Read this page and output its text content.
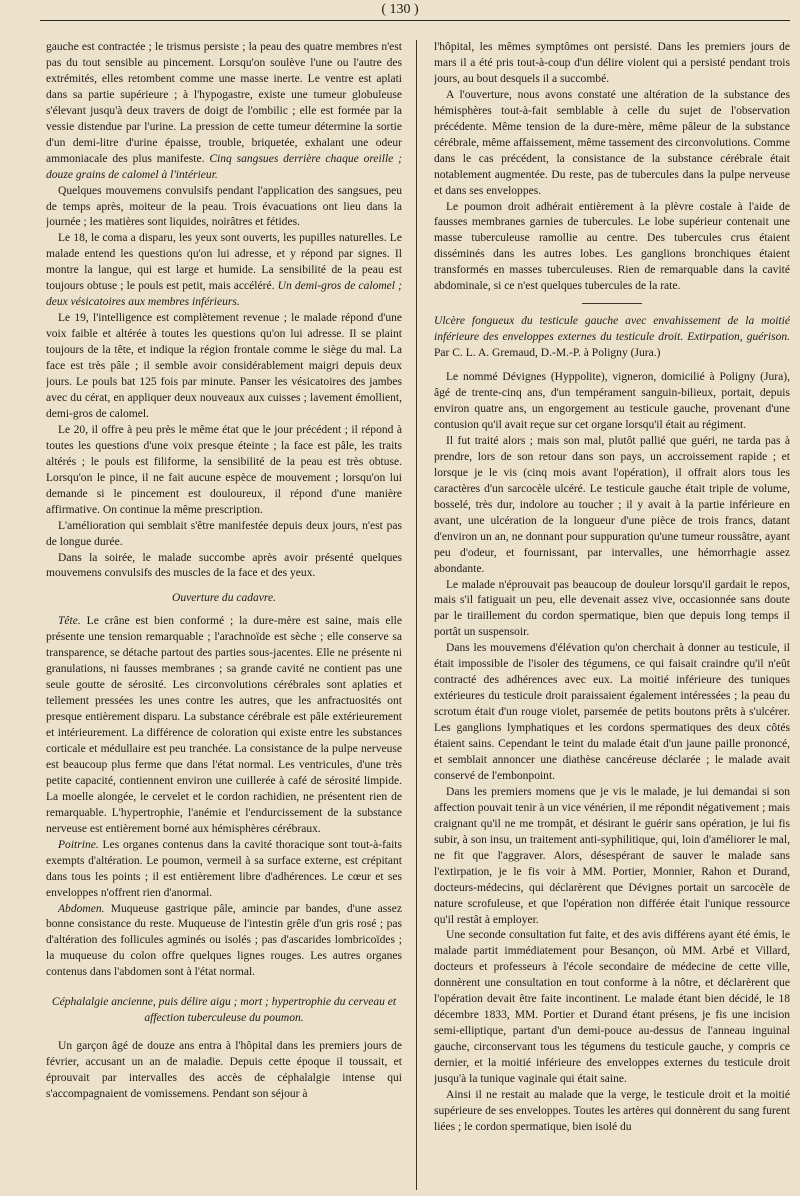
( 130 )

gauche est contractée ; le trismus persiste ; la peau des quatre membres n'est pas du tout sensible au pincement. Lorsqu'on soulève l'une ou l'autre des extrémités, elles retombent comme une masse inerte. Le ventre est aplati dans sa partie supérieure ; à l'hypogastre, existe une tumeur globuleuse s'élevant jusqu'à deux travers de doigt de l'ombilic ; elle est formée par la vessie distendue par l'urine. La pression de cette tumeur détermine la sortie d'un demi-litre d'urine épaisse, trouble, briquetée, exhalant une odeur ammoniacale des plus manifeste. Cinq sangsues derrière chaque oreille ; douze grains de calomel à l'intérieur.

Quelques mouvemens convulsifs pendant l'application des sangsues, peu de temps après, moiteur de la peau. Trois évacuations ont lieu dans la journée ; les matières sont liquides, noirâtres et fétides.

Le 18, le coma a disparu, les yeux sont ouverts, les pupilles naturelles. Le malade entend les questions qu'on lui adresse, et y répond par signes. Il montre la langue, qui est large et humide. La sensibilité de la peau est toujours obtuse ; le pouls est petit, mais accéléré. Un demi-gros de calomel ; deux vésicatoires aux membres inférieurs.

Le 19, l'intelligence est complètement revenue ; le malade répond d'une voix faible et altérée à toutes les questions qu'on lui adresse. Il se plaint toujours de la tête, et indique la région frontale comme le siège du mal. La face est très pâle ; il semble avoir considérablement maigri depuis deux jours. Le pouls bat 125 fois par minute. Panser les vésicatoires des jambes avec du cérat, en appliquer deux nouveaux aux cuisses ; lavement émollient, demi-gros de calomel.

Le 20, il offre à peu près le même état que le jour précédent ; il répond à toutes les questions d'une voix presque éteinte ; la face est pâle, les traits altérés ; le pouls est filiforme, la sensibilité de la peau est très obtuse. Lorsqu'on le pince, il ne fait aucune espèce de mouvement ; lorsqu'on lui demande si le pincement est douloureux, il répond d'une manière affirmative. On continue la même prescription.

L'amélioration qui semblait s'être manifestée depuis deux jours, n'est pas de longue durée.

Dans la soirée, le malade succombe après avoir présenté quelques mouvemens convulsifs des muscles de la face et des yeux.

Ouverture du cadavre.

Tête. Le crâne est bien conformé ; la dure-mère est saine, mais elle présente une tension remarquable ; l'arachnoïde est sèche ; elle conserve sa transparence, se détache partout des parties sous-jacentes. Elle ne présente ni granulations, ni fausses membranes ; sa grande cavité ne contient pas une seule goutte de sérosité. Les circonvolutions cérébrales sont aplaties et tellement pressées les unes contre les autres, que les anfractuosités ont presque entièrement disparu. La substance cérébrale est pâle extérieurement et intérieurement. La différence de coloration qui existe entre les substances corticale et médullaire est peu tranchée. La consistance de la pulpe nerveuse est beaucoup plus ferme que dans l'état normal. Les ventricules, d'une très petite capacité, contiennent environ une cuillerée à café de sérosité limpide. La moelle alongée, le cervelet et le cordon rachidien, ne présentent rien de remarquable. L'hypertrophie, l'anémie et l'endurcissement de la substance nerveuse est entièrement borné aux hémisphères cérébraux.

Poitrine. Les organes contenus dans la cavité thoracique sont tout-à-faits exempts d'altération. Le poumon, vermeil à sa surface externe, est crépitant dans tous les points ; il est entièrement libre d'adhérences. Le cœur et ses enveloppes n'offrent rien d'anormal.

Abdomen. Muqueuse gastrique pâle, amincie par bandes, d'une assez bonne consistance du reste. Muqueuse de l'intestin grêle d'un gris rosé ; pas d'altération des follicules agminés ou isolés ; pas d'ascarides lombricoïdes ; la muqueuse du colon offre quelques lignes rouges. Les autres organes contenus dans l'abdomen sont à l'état normal.

Céphalalgie ancienne, puis délire aigu ; mort ; hypertrophie du cerveau et affection tuberculeuse du poumon.

Un garçon âgé de douze ans entra à l'hôpital dans les premiers jours de février, accusant un an de maladie. Depuis cette époque il toussait, et éprouvait par intervalles des accès de céphalalgie intense qui s'accompagnaient de vomissemens. Pendant son séjour à

l'hôpital, les mêmes symptômes ont persisté. Dans les premiers jours de mars il a été pris tout-à-coup d'un délire violent qui a persisté pendant trois jours, au bout desquels il a succombé.

A l'ouverture, nous avons constaté une altération de la substance des hémisphères tout-à-fait semblable à celle du sujet de l'observation précédente. Même tension de la dure-mère, même pâleur de la substance cérébrale, même affaissement, même tassement des circonvolutions. Comme dans le cas précédent, la consistance de la substance cérébrale était notablement augmentée. Du reste, pas de tubercules dans la pulpe nerveuse et dans ses enveloppes.

Le poumon droit adhérait entièrement à la plèvre costale à l'aide de fausses membranes garnies de tubercules. Le lobe supérieur contenait une masse tuberculeuse ramollie au centre. Des tubercules crus étaient disséminés dans les autres lobes. Les ganglions bronchiques étaient transformés en masses tuberculeuses. Rien de remarquable dans la cavité abdominale, si ce n'est quelques tubercules de la rate.

Ulcère fongueux du testicule gauche avec envahissement de la moitié inférieure des enveloppes externes du testicule droit. Extirpation, guérison. Par C. L. A. Gremaud, D.-M.-P. à Poligny (Jura.)

Le nommé Dévignes (Hyppolite), vigneron, domicilié à Poligny (Jura), âgé de trente-cinq ans, d'un tempérament sanguin-bilieux, portait, depuis environ quatre ans, un engorgement au testicule gauche, provenant d'une contusion qu'il avait reçue sur cet organe lorsqu'il était au régiment.

Il fut traité alors ; mais son mal, plutôt pallié que guéri, ne tarda pas à prendre, lors de son retour dans son pays, un accroissement rapide ; et lorsque je le vis (cinq mois avant l'opération), il offrait alors tous les caractères d'un sarcocèle ulcéré. Le testicule gauche était triple de volume, bosselé, très dur, indolore au toucher ; il y avait à la partie inférieure en avant, une ulcération de la longueur d'une pièce de trois francs, datant d'environ un an, ne donnant pour suppuration qu'une tumeur roussâtre, ayant peu d'odeur, et fournissant, par intervalles, une hémorrhagie assez abondante.

Le malade n'éprouvait pas beaucoup de douleur lorsqu'il gardait le repos, mais s'il fatiguait un peu, elle devenait assez vive, occasionnée sans doute par le tiraillement du cordon spermatique, bien que depuis long temps il portât un suspensoir.

Dans les mouvemens d'élévation qu'on cherchait à donner au testicule, il était impossible de l'isoler des tégumens, ce qui faisait craindre qu'il n'eût contracté des adhérences avec eux. La moitié inférieure des tuniques extérieures du testicule droit paraissaient également intéressées ; la peau du scrotum était d'un rouge violet, parsemée de petits boutons prêts à s'ulcérer. Les ganglions lymphatiques et les cordons spermatiques des deux côtés étaient sains. Cependant le teint du malade était d'un jaune paille prononcé, et semblait annoncer une diathèse cancéreuse déclarée ; le malade avait conservé de l'embonpoint.

Dans les premiers momens que je vis le malade, je lui demandai si son affection pouvait tenir à un vice vénérien, il me répondit négativement ; mais craignant qu'il ne me trompât, et désirant le guérir sans opération, je lui fis subir, à son insu, un traitement anti-syphilitique, qui, loin d'améliorer le mal, ne fit que l'aggraver. Alors, désespérant de sauver le malade sans l'extirpation, je le fis voir à MM. Portier, Monnier, Rahon et Durand, docteurs-médecins, qui déclarèrent que Dévignes portait un sarcocèle de nature scrofuleuse, et que l'opération non différée était l'unique ressource qu'il restât à employer.

Une seconde consultation fut faite, et des avis différens ayant été émis, le malade partit immédiatement pour Besançon, où MM. Arbé et Villard, docteurs et professeurs à l'école secondaire de médecine de cette ville, donnèrent une consultation en tout conforme à la nôtre, et déclarèrent que l'opération devait être faite incontinent. Le malade étant bien décidé, le 18 décembre 1833, MM. Portier et Durand étant présens, je fis une incision semi-elliptique, partant d'un demi-pouce au-dessus de l'anneau inguinal gauche, circonservant tous les tégumens du testicule gauche, y compris ce dernier, et la moitié inférieure des enveloppes externes du testicule droit jusqu'à la tunique vaginale qui était saine.

Ainsi il ne restait au malade que la verge, le testicule droit et la moitié supérieure de ses enveloppes. Toutes les artères qui donnèrent du sang furent liées ; le cordon spermatique, bien isolé du
